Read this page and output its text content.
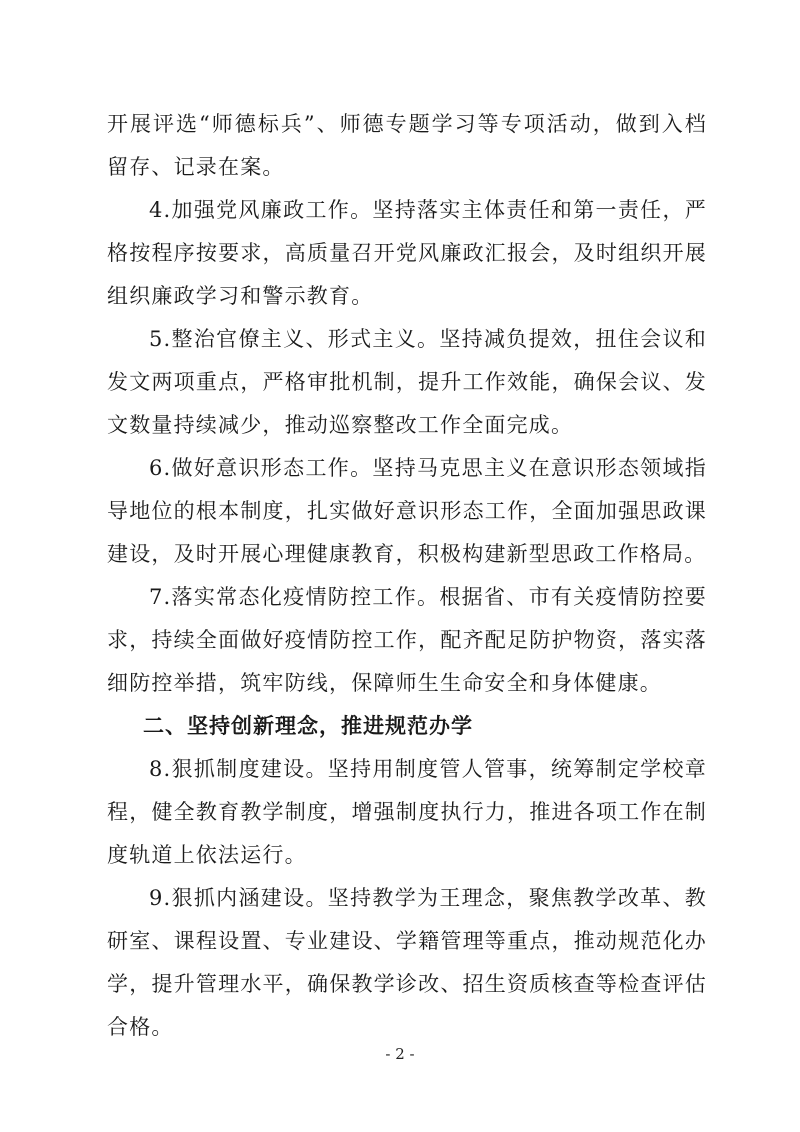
开展评选“师德标兵”、师德专题学习等专项活动，做到入档留存、记录在案。

4.加强党风廉政工作。坚持落实主体责任和第一责任，严格按程序按要求，高质量召开党风廉政汇报会，及时组织开展组织廉政学习和警示教育。

5.整治官僚主义、形式主义。坚持减负提效，扭住会议和发文两项重点，严格审批机制，提升工作效能，确保会议、发文数量持续减少，推动巡察整改工作全面完成。

6.做好意识形态工作。坚持马克思主义在意识形态领域指导地位的根本制度，扎实做好意识形态工作，全面加强思政课建设，及时开展心理健康教育，积极构建新型思政工作格局。

7.落实常态化疫情防控工作。根据省、市有关疫情防控要求，持续全面做好疫情防控工作，配齐配足防护物资，落实落细防控举措，筑牢防线，保障师生生命安全和身体健康。

二、坚持创新理念，推进规范办学

8.狠抓制度建设。坚持用制度管人管事，统筹制定学校章程，健全教育教学制度，增强制度执行力，推进各项工作在制度轨道上依法运行。

9.狠抓内涵建设。坚持教学为王理念，聚焦教学改革、教研室、课程设置、专业建设、学籍管理等重点，推动规范化办学，提升管理水平，确保教学诊改、招生资质核查等检查评估合格。

- 2 -
